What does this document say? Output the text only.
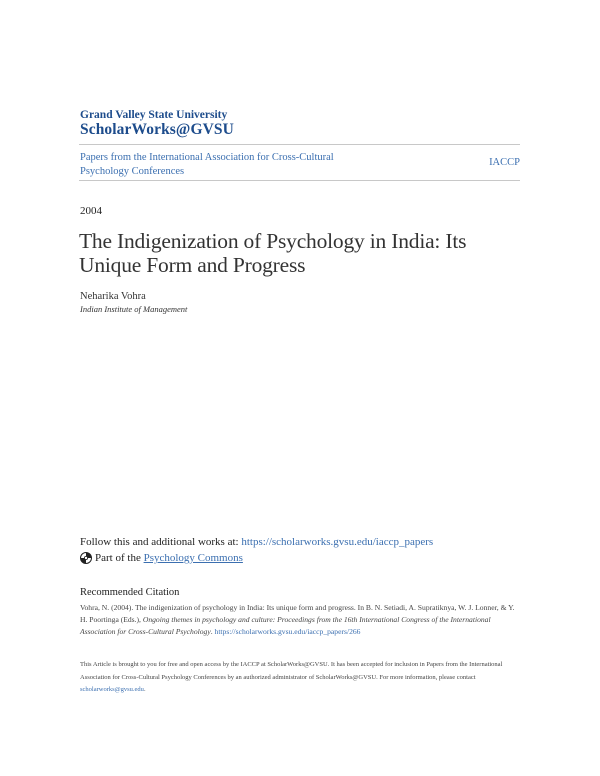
Grand Valley State University
ScholarWorks@GVSU
Papers from the International Association for Cross-Cultural Psychology Conferences
IACCP
2004
The Indigenization of Psychology in India: Its Unique Form and Progress
Neharika Vohra
Indian Institute of Management
Follow this and additional works at: https://scholarworks.gvsu.edu/iaccp_papers
Part of the
Psychology Commons
Recommended Citation
Vohra, N. (2004). The indigenization of psychology in India: Its unique form and progress. In B. N. Setiadi, A. Supratiknya, W. J. Lonner, & Y. H. Poortinga (Eds.), Ongoing themes in psychology and culture: Proceedings from the 16th International Congress of the International Association for Cross-Cultural Psychology. https://scholarworks.gvsu.edu/iaccp_papers/266
This Article is brought to you for free and open access by the IACCP at ScholarWorks@GVSU. It has been accepted for inclusion in Papers from the International Association for Cross-Cultural Psychology Conferences by an authorized administrator of ScholarWorks@GVSU. For more information, please contact scholarworks@gvsu.edu.
